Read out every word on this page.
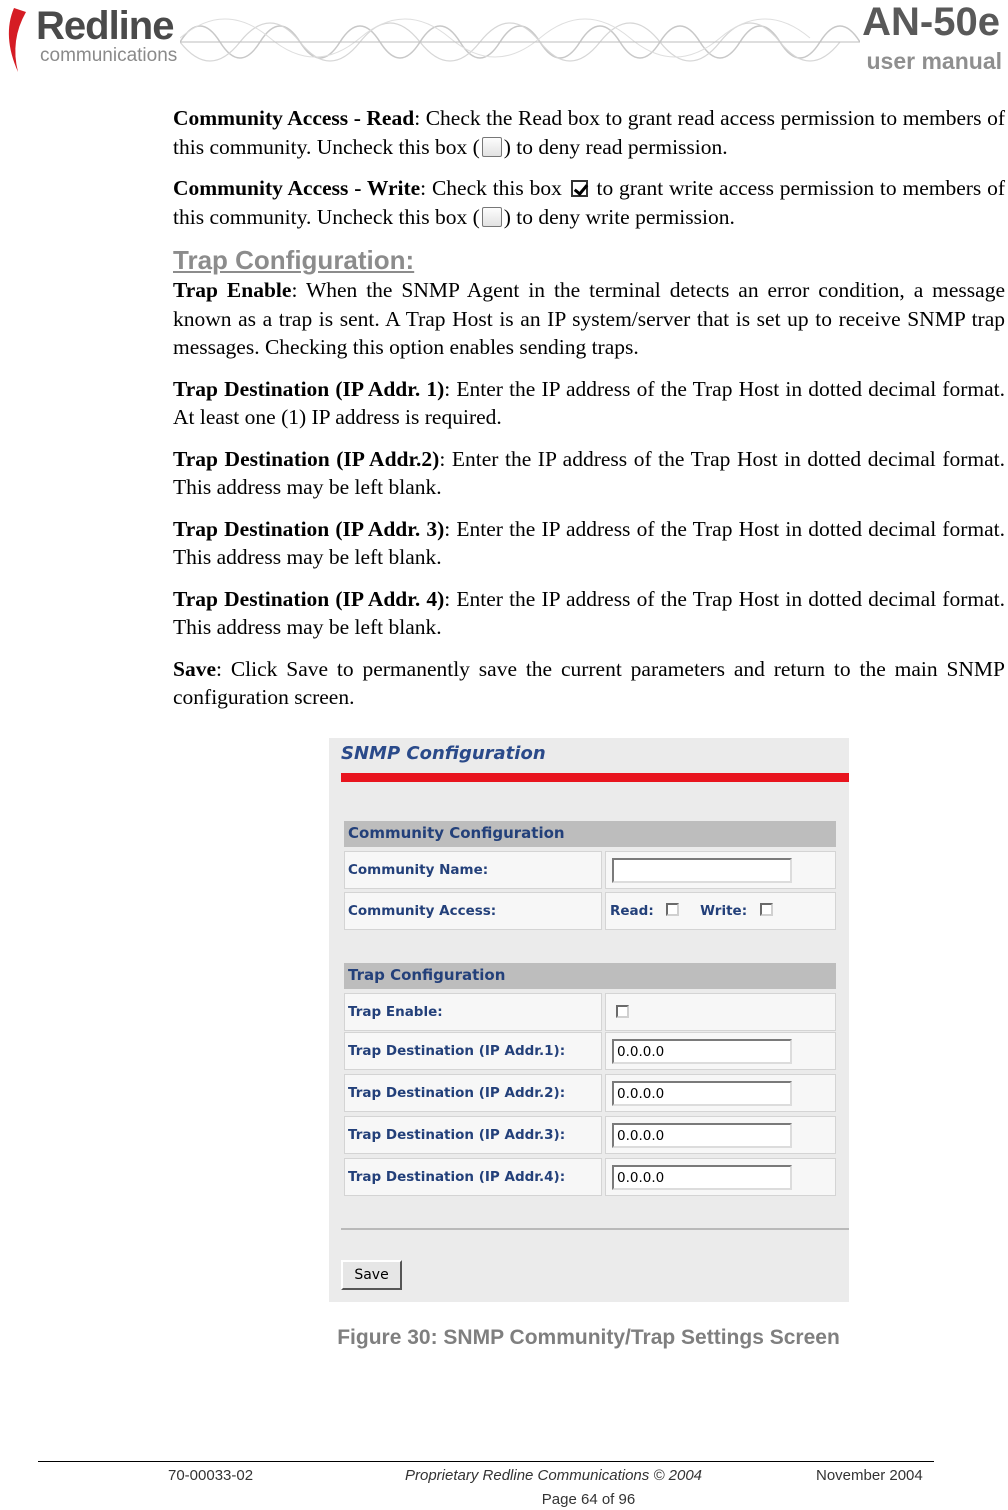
Redline
communications
AN-50e
user manual

Community Access - Read: Check the Read box to grant read access permission to members of this community. Uncheck this box ( ) to deny read permission.

Community Access - Write: Check this box  to grant write access permission to members of this community. Uncheck this box ( ) to deny write permission.

Trap Configuration:

Trap Enable: When the SNMP Agent in the terminal detects an error condition, a message known as a trap is sent. A Trap Host is an IP system/server that is set up to receive SNMP trap messages. Checking this option enables sending traps.

Trap Destination (IP Addr. 1): Enter the IP address of the Trap Host in dotted decimal format. At least one (1) IP address is required.

Trap Destination (IP Addr.2): Enter the IP address of the Trap Host in dotted decimal format. This address may be left blank.

Trap Destination (IP Addr. 3): Enter the IP address of the Trap Host in dotted decimal format. This address may be left blank.

Trap Destination (IP Addr. 4): Enter the IP address of the Trap Host in dotted decimal format. This address may be left blank.

Save: Click Save to permanently save the current parameters and return to the main SNMP configuration screen.

SNMP Configuration
Community Configuration
Community Name:
Community Access:	Read:	Write:
Trap Configuration
Trap Enable:
Trap Destination (IP Addr.1):
0.0.0.0
Trap Destination (IP Addr.2):
0.0.0.0
Trap Destination (IP Addr.3):
0.0.0.0
Trap Destination (IP Addr.4):
0.0.0.0
Save
Figure 30: SNMP Community/Trap Settings Screen
70-00033-02	Proprietary Redline Communications © 2004	November 2004
Page 64 of 96
